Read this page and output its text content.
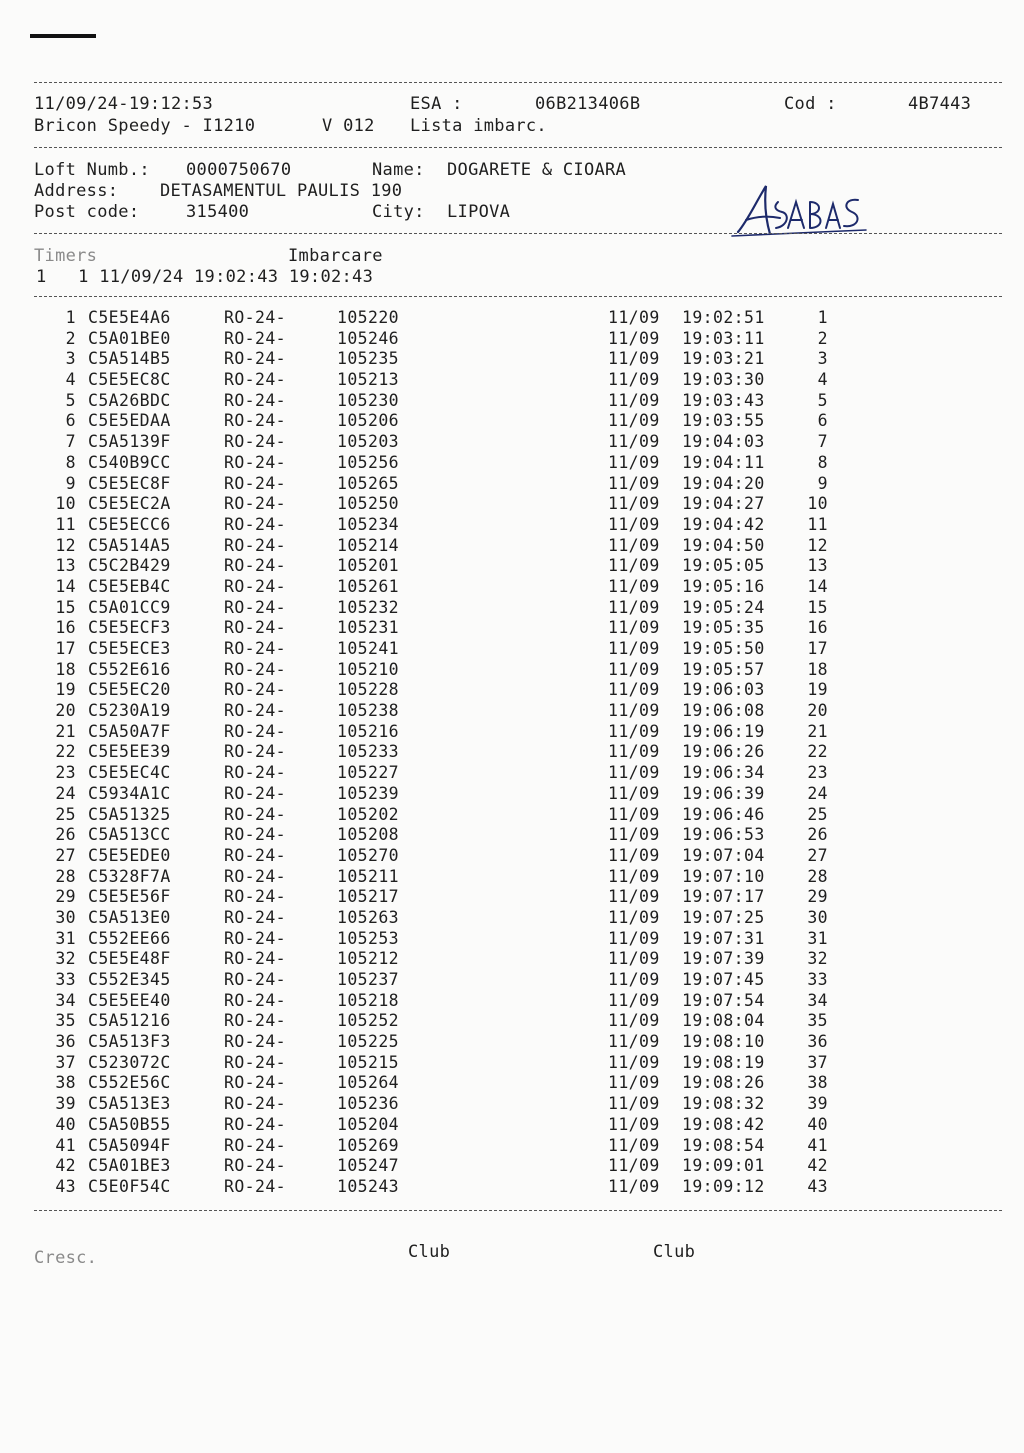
11/09/24-19:12:53	ESA :	06B213406B	Cod :	4B7443
Bricon Speedy - I1210	V 012 Lista imbarc.
Loft Numb.: 0000750670	Name: DOGARETE & CIOARA
Address: DETASAMENTUL PAULIS 190
Post code:	315400	City: LIPOVA
Timers	Imbarcare
1   1 11/09/24 19:02:43 19:02:43
1 C5E5E4A6	RO-24-	105220	11/09 19:02:51	1
2 C5A01BE0	RO-24-	105246	11/09 19:03:11	2
3 C5A514B5	RO-24-	105235	11/09 19:03:21	3
4 C5E5EC8C	RO-24-	105213	11/09 19:03:30	4
5 C5A26BDC	RO-24-	105230	11/09 19:03:43	5
6 C5E5EDAA	RO-24-	105206	11/09 19:03:55	6
7 C5A5139F	RO-24-	105203	11/09 19:04:03	7
8 C540B9CC	RO-24-	105256	11/09 19:04:11	8
9 C5E5EC8F	RO-24-	105265	11/09 19:04:20	9
10 C5E5EC2A	RO-24-	105250	11/09 19:04:27	10
11 C5E5ECC6	RO-24-	105234	11/09 19:04:42	11
12 C5A514A5	RO-24-	105214	11/09 19:04:50	12
13 C5C2B429	RO-24-	105201	11/09 19:05:05	13
14 C5E5EB4C	RO-24-	105261	11/09 19:05:16	14
15 C5A01CC9	RO-24-	105232	11/09 19:05:24	15
16 C5E5ECF3	RO-24-	105231	11/09 19:05:35	16
17 C5E5ECE3	RO-24-	105241	11/09 19:05:50	17
18 C552E616	RO-24-	105210	11/09 19:05:57	18
19 C5E5EC20	RO-24-	105228	11/09 19:06:03	19
20 C5230A19	RO-24-	105238	11/09 19:06:08	20
21 C5A50A7F	RO-24-	105216	11/09 19:06:19	21
22 C5E5EE39	RO-24-	105233	11/09 19:06:26	22
23 C5E5EC4C	RO-24-	105227	11/09 19:06:34	23
24 C5934A1C	RO-24-	105239	11/09 19:06:39	24
25 C5A51325	RO-24-	105202	11/09 19:06:46	25
26 C5A513CC	RO-24-	105208	11/09 19:06:53	26
27 C5E5EDE0	RO-24-	105270	11/09 19:07:04	27
28 C5328F7A	RO-24-	105211	11/09 19:07:10	28
29 C5E5E56F	RO-24-	105217	11/09 19:07:17	29
30 C5A513E0	RO-24-	105263	11/09 19:07:25	30
31 C552EE66	RO-24-	105253	11/09 19:07:31	31
32 C5E5E48F	RO-24-	105212	11/09 19:07:39	32
33 C552E345	RO-24-	105237	11/09 19:07:45	33
34 C5E5EE40	RO-24-	105218	11/09 19:07:54	34
35 C5A51216	RO-24-	105252	11/09 19:08:04	35
36 C5A513F3	RO-24-	105225	11/09 19:08:10	36
37 C523072C	RO-24-	105215	11/09 19:08:19	37
38 C552E56C	RO-24-	105264	11/09 19:08:26	38
39 C5A513E3	RO-24-	105236	11/09 19:08:32	39
40 C5A50B55	RO-24-	105204	11/09 19:08:42	40
41 C5A5094F	RO-24-	105269	11/09 19:08:54	41
42 C5A01BE3	RO-24-	105247	11/09 19:09:01	42
43 C5E0F54C	RO-24-	105243	11/09 19:09:12	43
Cresc.	Club	Club
